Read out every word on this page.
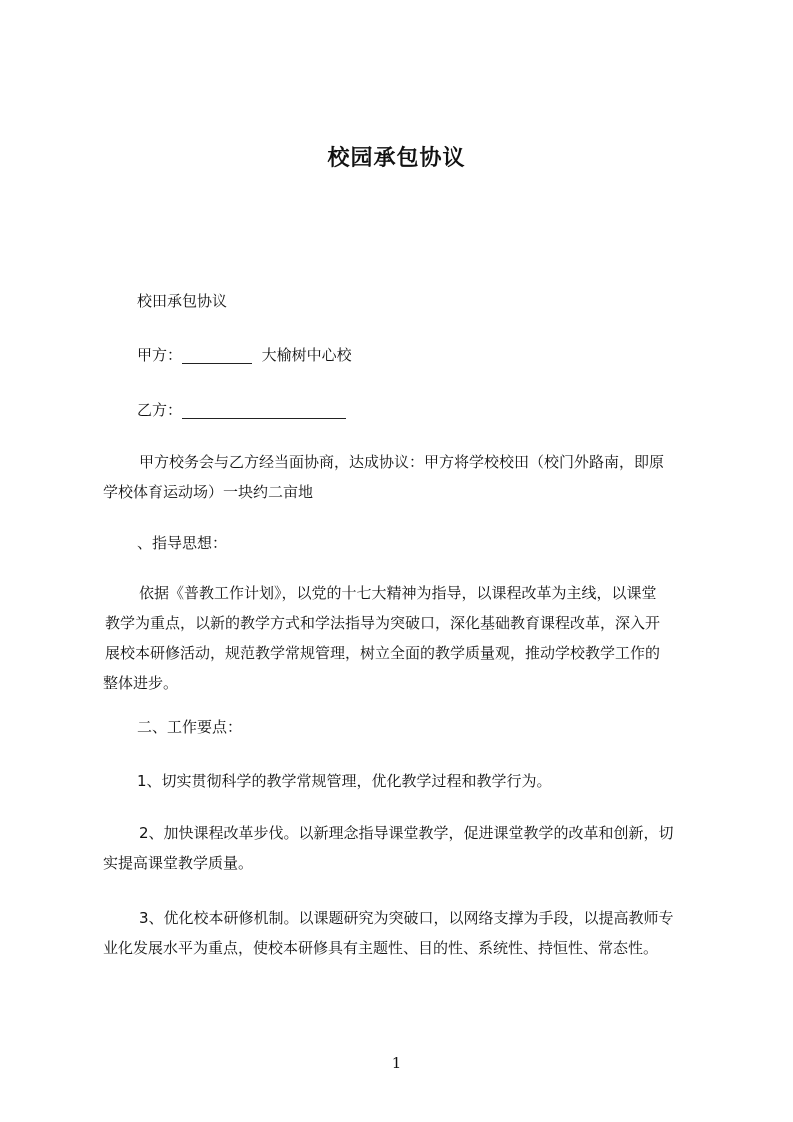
校园承包协议
校田承包协议
甲方：	大榆树中心校
乙方：
甲方校务会与乙方经当面协商，达成协议：甲方将学校校田（校门外路南，即原
学校体育运动场）一块约二亩地
、指导思想：
依据《普教工作计划》，以党的十七大精神为指导，以课程改革为主线，以课堂
教学为重点，以新的教学方式和学法指导为突破口，深化基础教育课程改革，深入开
展校本研修活动，规范教学常规管理，树立全面的教学质量观，推动学校教学工作的
整体进步。
二、工作要点：
1、切实贯彻科学的教学常规管理，优化教学过程和教学行为。
2、加快课程改革步伐。以新理念指导课堂教学，促进课堂教学的改革和创新，切
实提高课堂教学质量。
3、优化校本研修机制。以课题研究为突破口，以网络支撑为手段，以提高教师专
业化发展水平为重点，使校本研修具有主题性、目的性、系统性、持恒性、常态性。
1
